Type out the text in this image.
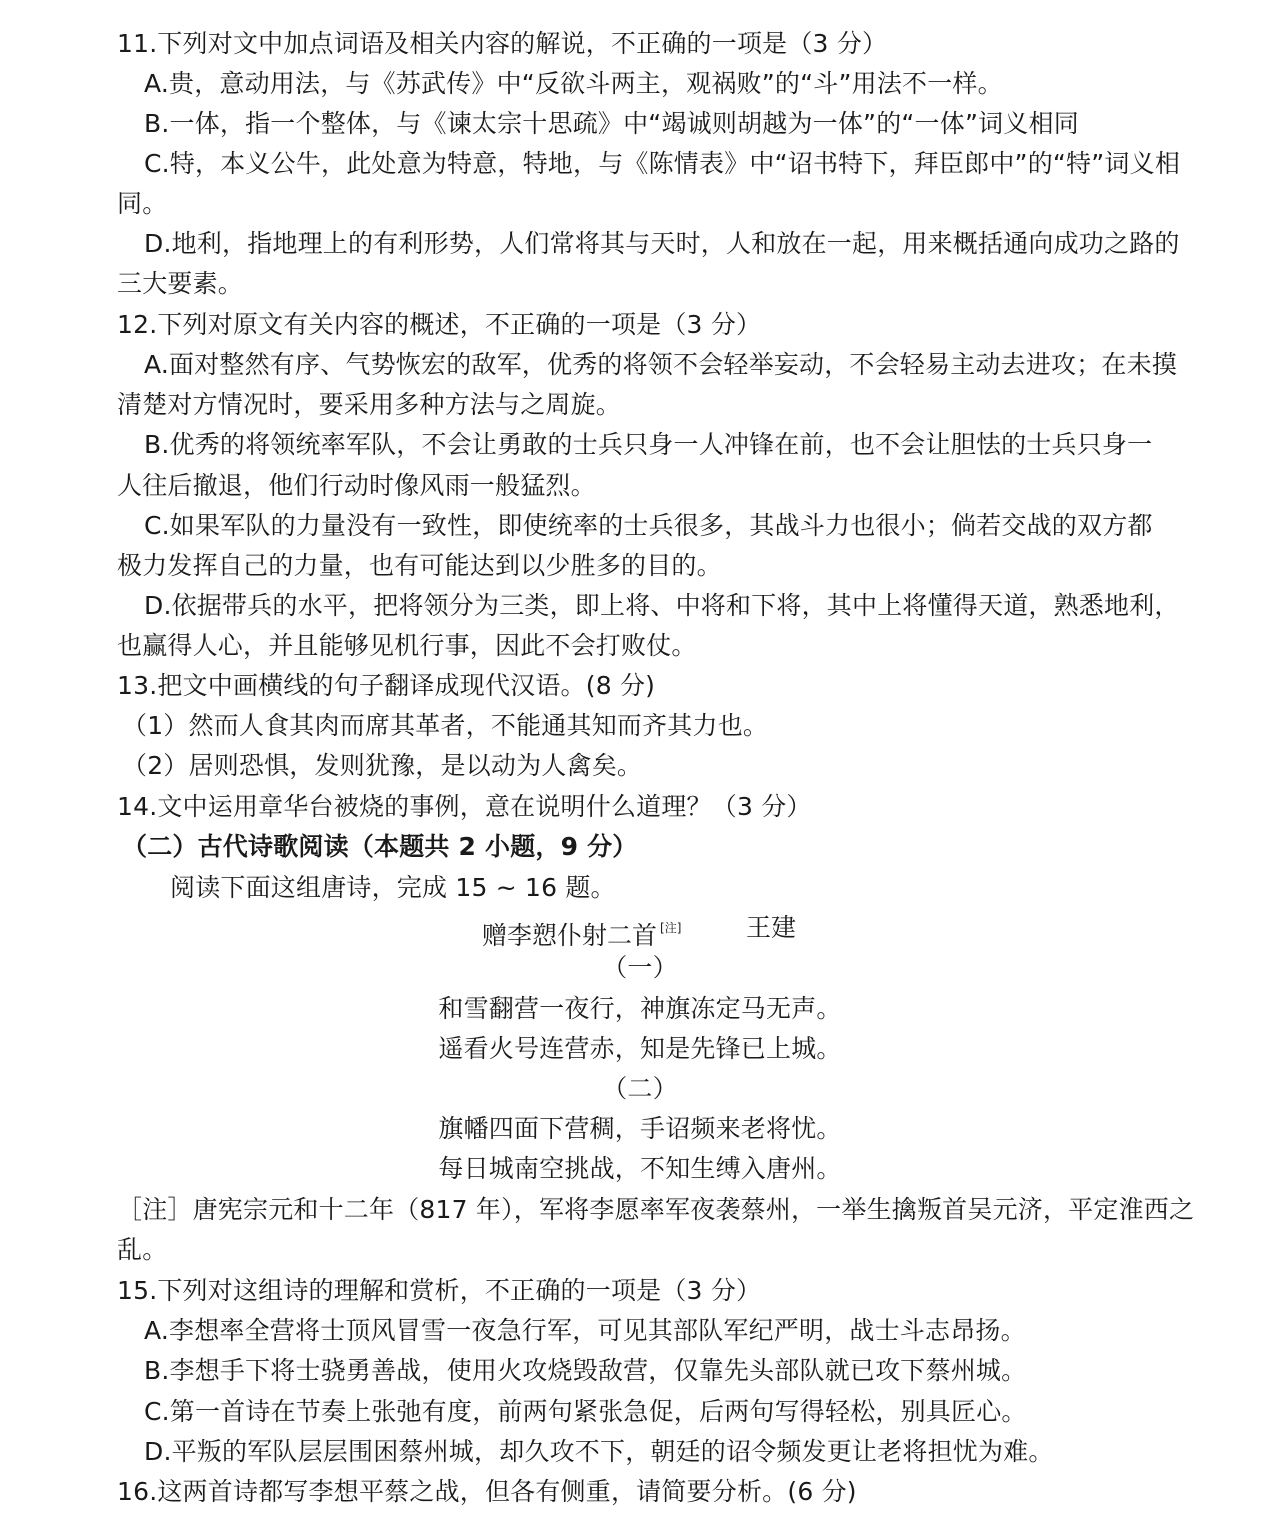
11.下列对文中加点词语及相关内容的解说，不正确的一项是（3 分）
A.贵，意动用法，与《苏武传》中“反欲斗两主，观祸败”的“斗”用法不一样。
B.一体，指一个整体，与《谏太宗十思疏》中“竭诚则胡越为一体”的“一体”词义相同
C.特，本义公牛，此处意为特意，特地，与《陈情表》中“诏书特下，拜臣郎中”的“特”词义相
同。
D.地利，指地理上的有利形势，人们常将其与天时，人和放在一起，用来概括通向成功之路的
三大要素。
12.下列对原文有关内容的概述，不正确的一项是（3 分）
A.面对整然有序、气势恢宏的敌军，优秀的将领不会轻举妄动，不会轻易主动去进攻；在未摸
清楚对方情况时，要采用多种方法与之周旋。
B.优秀的将领统率军队，不会让勇敢的士兵只身一人冲锋在前，也不会让胆怯的士兵只身一
人往后撤退，他们行动时像风雨一般猛烈。
C.如果军队的力量没有一致性，即使统率的士兵很多，其战斗力也很小；倘若交战的双方都
极力发挥自己的力量，也有可能达到以少胜多的目的。
D.依据带兵的水平，把将领分为三类，即上将、中将和下将，其中上将懂得天道，熟悉地利，
也赢得人心，并且能够见机行事，因此不会打败仗。
13.把文中画横线的句子翻译成现代汉语。(8 分)
（1）然而人食其肉而席其革者，不能通其知而齐其力也。
（2）居则恐惧，发则犹豫，是以动为人禽矣。
14.文中运用章华台被烧的事例，意在说明什么道理？（3 分）
（二）古代诗歌阅读（本题共 2 小题，9 分）
阅读下面这组唐诗，完成 15 ~ 16 题。
赠李愬仆射二首 [注]	王建
（一）
和雪翻营一夜行，神旗冻定马无声。
遥看火号连营赤，知是先锋已上城。
（二）
旗幡四面下营稠，手诏频来老将忧。
每日城南空挑战，不知生缚入唐州。
［注］唐宪宗元和十二年（817 年），军将李愿率军夜袭蔡州，一举生擒叛首吴元济，平定淮西之
乱。
15.下列对这组诗的理解和赏析，不正确的一项是（3 分）
A.李想率全营将士顶风冒雪一夜急行军，可见其部队军纪严明，战士斗志昂扬。
B.李想手下将士骁勇善战，使用火攻烧毁敌营，仅靠先头部队就已攻下蔡州城。
C.第一首诗在节奏上张弛有度，前两句紧张急促，后两句写得轻松，别具匠心。
D.平叛的军队层层围困蔡州城，却久攻不下，朝廷的诏令频发更让老将担忧为难。
16.这两首诗都写李想平蔡之战，但各有侧重，请简要分析。(6 分)
